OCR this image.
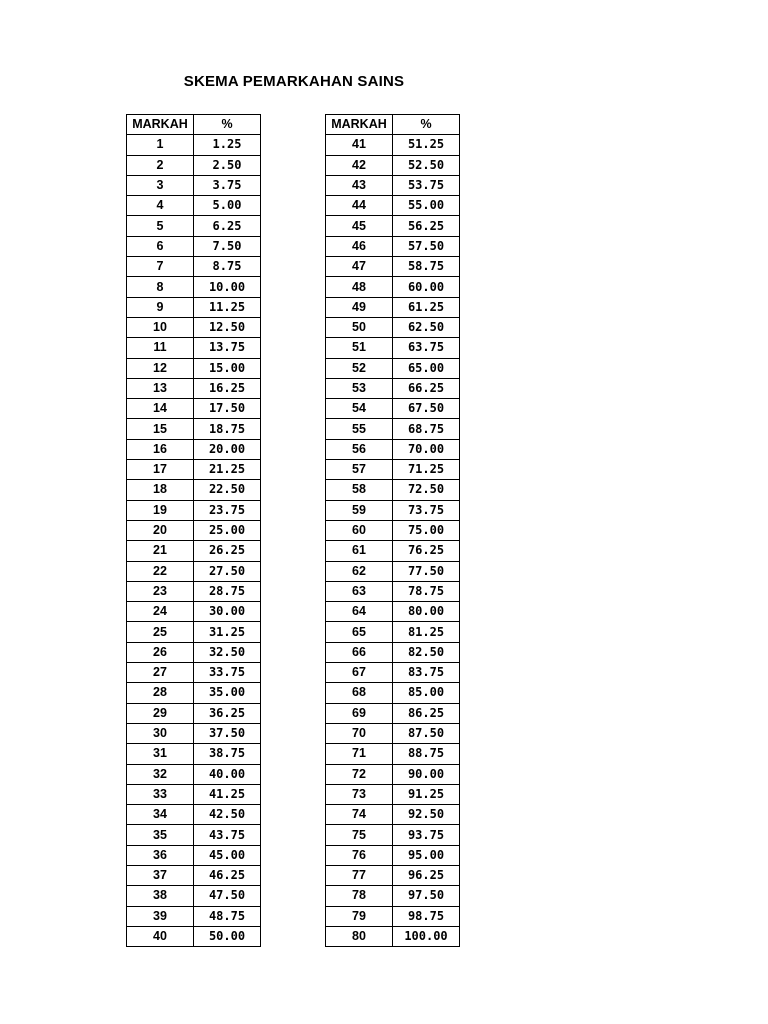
SKEMA PEMARKAHAN SAINS
MARKAH	%
1	1.25
2	2.50
3	3.75
4	5.00
5	6.25
6	7.50
7	8.75
8	10.00
9	11.25
10	12.50
11	13.75
12	15.00
13	16.25
14	17.50
15	18.75
16	20.00
17	21.25
18	22.50
19	23.75
20	25.00
21	26.25
22	27.50
23	28.75
24	30.00
25	31.25
26	32.50
27	33.75
28	35.00
29	36.25
30	37.50
31	38.75
32	40.00
33	41.25
34	42.50
35	43.75
36	45.00
37	46.25
38	47.50
39	48.75
40	50.00
MARKAH	%
41	51.25
42	52.50
43	53.75
44	55.00
45	56.25
46	57.50
47	58.75
48	60.00
49	61.25
50	62.50
51	63.75
52	65.00
53	66.25
54	67.50
55	68.75
56	70.00
57	71.25
58	72.50
59	73.75
60	75.00
61	76.25
62	77.50
63	78.75
64	80.00
65	81.25
66	82.50
67	83.75
68	85.00
69	86.25
70	87.50
71	88.75
72	90.00
73	91.25
74	92.50
75	93.75
76	95.00
77	96.25
78	97.50
79	98.75
80	100.00
